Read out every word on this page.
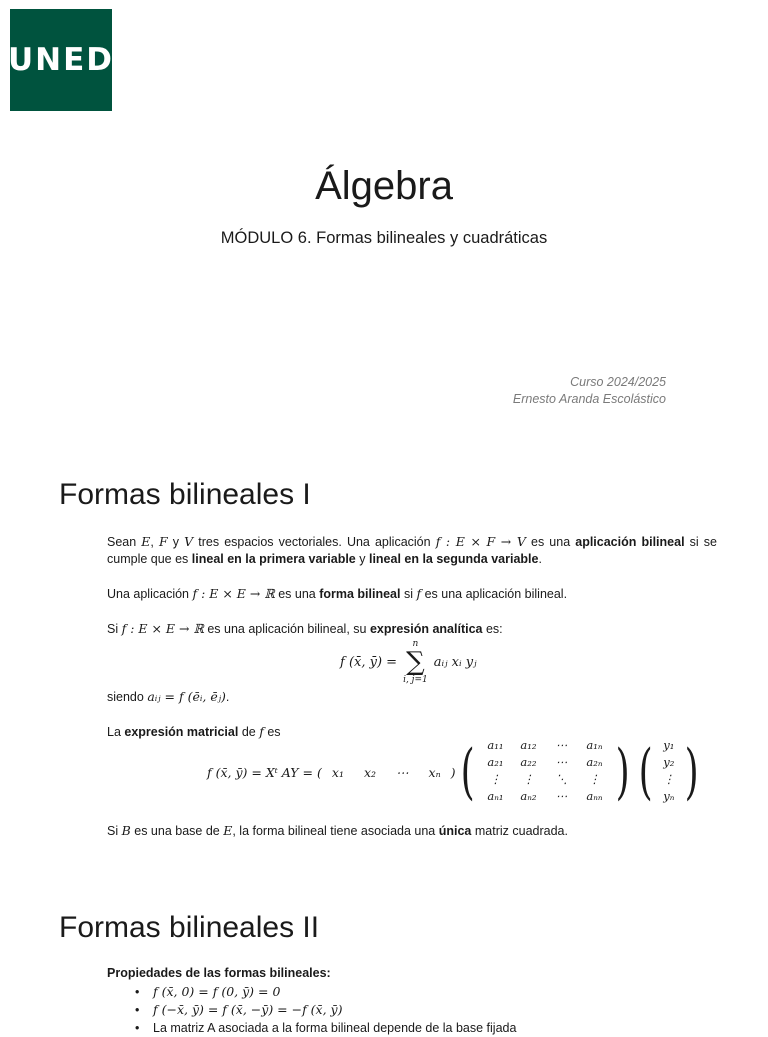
UNED
Álgebra
MÓDULO 6. Formas bilineales y cuadráticas
Curso 2024/2025
Ernesto Aranda Escolástico
Formas bilineales I

Sean E, F y V tres espacios vectoriales. Una aplicación f : E × F → V es una aplicación bilineal si se cumple que es lineal en la primera variable y lineal en la segunda variable.

Una aplicación f : E × E → ℝ es una forma bilineal si f es una aplicación bilineal.

Si f : E × E → ℝ es una aplicación bilineal, su expresión analítica es:

f (x̄, ȳ) =
n
∑
i, j=1
aᵢⱼ xᵢ yⱼ

siendo aᵢⱼ = f (ēᵢ, ēⱼ).

La expresión matricial de f es

f (x̄, ȳ) = Xᵗ AY = ( x₁ x₂ ⋯ xₙ ) (	a₁₁	a₁₂	⋯	a₁ₙ
a₂₁	a₂₂	⋯	a₂ₙ
⋮	⋮	⋱	⋮
aₙ₁	aₙ₂	⋯	aₙₙ ) ( y₁
y₂
⋮
yₙ )

Si B es una base de E, la forma bilineal tiene asociada una única matriz cuadrada.

Formas bilineales II
Propiedades de las formas bilineales:
• f (x̄, 0) = f (0, ȳ) = 0
• f (−x̄, ȳ) = f (x̄, −ȳ) = −f (x̄, ȳ)
• La matriz A asociada a la forma bilineal depende de la base fijada
